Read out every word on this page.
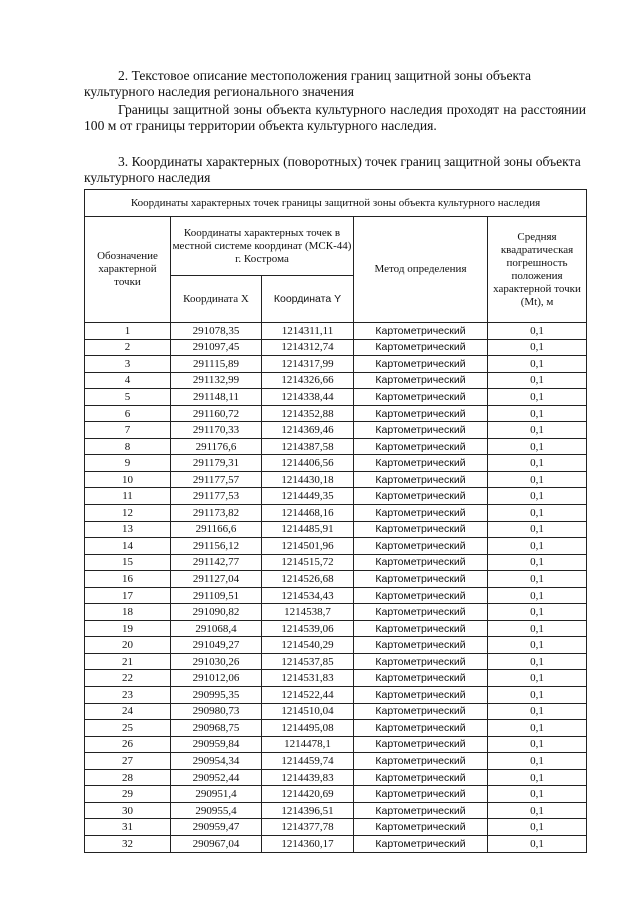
2. Текстовое описание местоположения границ защитной зоны объекта культурного наследия регионального значения
Границы защитной зоны объекта культурного наследия проходят на расстоянии 100 м от границы территории объекта культурного наследия.
3. Координаты характерных (поворотных) точек границ защитной зоны объекта культурного наследия
Координаты характерных точек границы защитной зоны объекта культурного наследия				
Обозначение характерной точки	Координаты характерных точек в местной системе координат (МСК-44) г. Кострома		Метод определения	Средняя квадратическая погрешность положения характерной точки (Mt), м
	Координата X	Координата Y		
1	291078,35	1214311,11	Картометрический	0,1
2	291097,45	1214312,74	Картометрический	0,1
3	291115,89	1214317,99	Картометрический	0,1
4	291132,99	1214326,66	Картометрический	0,1
5	291148,11	1214338,44	Картометрический	0,1
6	291160,72	1214352,88	Картометрический	0,1
7	291170,33	1214369,46	Картометрический	0,1
8	291176,6	1214387,58	Картометрический	0,1
9	291179,31	1214406,56	Картометрический	0,1
10	291177,57	1214430,18	Картометрический	0,1
11	291177,53	1214449,35	Картометрический	0,1
12	291173,82	1214468,16	Картометрический	0,1
13	291166,6	1214485,91	Картометрический	0,1
14	291156,12	1214501,96	Картометрический	0,1
15	291142,77	1214515,72	Картометрический	0,1
16	291127,04	1214526,68	Картометрический	0,1
17	291109,51	1214534,43	Картометрический	0,1
18	291090,82	1214538,7	Картометрический	0,1
19	291068,4	1214539,06	Картометрический	0,1
20	291049,27	1214540,29	Картометрический	0,1
21	291030,26	1214537,85	Картометрический	0,1
22	291012,06	1214531,83	Картометрический	0,1
23	290995,35	1214522,44	Картометрический	0,1
24	290980,73	1214510,04	Картометрический	0,1
25	290968,75	1214495,08	Картометрический	0,1
26	290959,84	1214478,1	Картометрический	0,1
27	290954,34	1214459,74	Картометрический	0,1
28	290952,44	1214439,83	Картометрический	0,1
29	290951,4	1214420,69	Картометрический	0,1
30	290955,4	1214396,51	Картометрический	0,1
31	290959,47	1214377,78	Картометрический	0,1
32	290967,04	1214360,17	Картометрический	0,1
